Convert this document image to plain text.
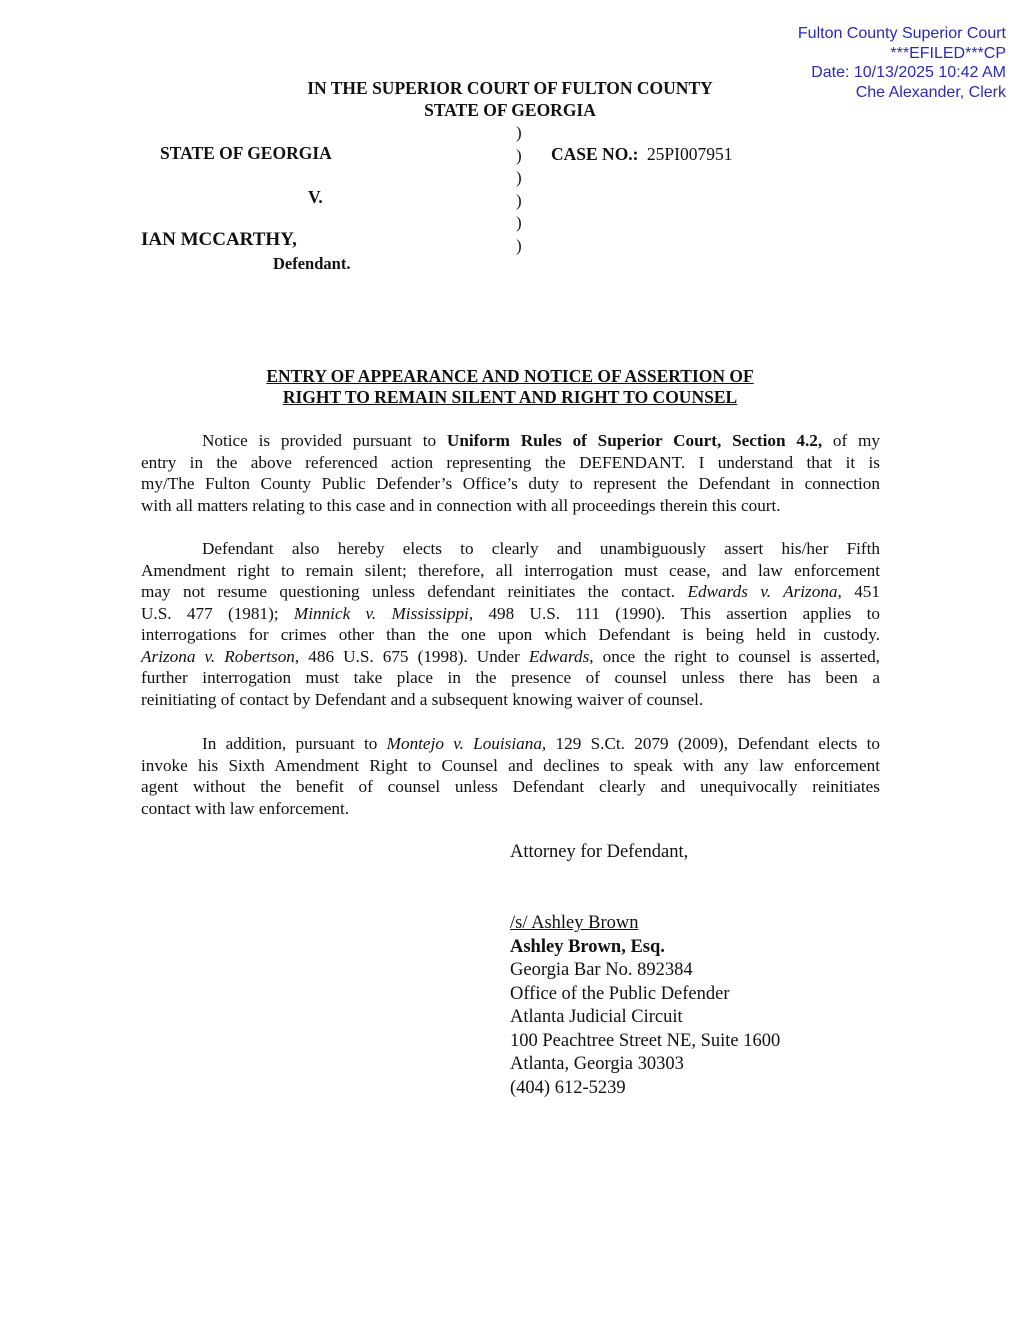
Fulton County Superior Court
***EFILED***CP
Date: 10/13/2025 10:42 AM
Che Alexander, Clerk
IN THE SUPERIOR COURT OF FULTON COUNTY
STATE OF GEORGIA
STATE OF GEORGIA
V.
IAN MCCARTHY,
Defendant.
)
)
)
)
)
)
CASE NO.: 25PI007951
ENTRY OF APPEARANCE AND NOTICE OF ASSERTION OF
RIGHT TO REMAIN SILENT AND RIGHT TO COUNSEL
Notice is provided pursuant to Uniform Rules of Superior Court, Section 4.2, of my
entry in the above referenced action representing the DEFENDANT. I understand that it is
my/The Fulton County Public Defender’s Office’s duty to represent the Defendant in connection
with all matters relating to this case and in connection with all proceedings therein this court.
Defendant also hereby elects to clearly and unambiguously assert his/her Fifth
Amendment right to remain silent; therefore, all interrogation must cease, and law enforcement
may not resume questioning unless defendant reinitiates the contact. Edwards v. Arizona, 451
U.S. 477 (1981); Minnick v. Mississippi, 498 U.S. 111 (1990). This assertion applies to
interrogations for crimes other than the one upon which Defendant is being held in custody.
Arizona v. Robertson, 486 U.S. 675 (1998). Under Edwards, once the right to counsel is asserted,
further interrogation must take place in the presence of counsel unless there has been a
reinitiating of contact by Defendant and a subsequent knowing waiver of counsel.
In addition, pursuant to Montejo v. Louisiana, 129 S.Ct. 2079 (2009), Defendant elects to
invoke his Sixth Amendment Right to Counsel and declines to speak with any law enforcement
agent without the benefit of counsel unless Defendant clearly and unequivocally reinitiates
contact with law enforcement.
Attorney for Defendant,
/s/ Ashley Brown
Ashley Brown, Esq.
Georgia Bar No. 892384
Office of the Public Defender
Atlanta Judicial Circuit
100 Peachtree Street NE, Suite 1600
Atlanta, Georgia 30303
(404) 612-5239
